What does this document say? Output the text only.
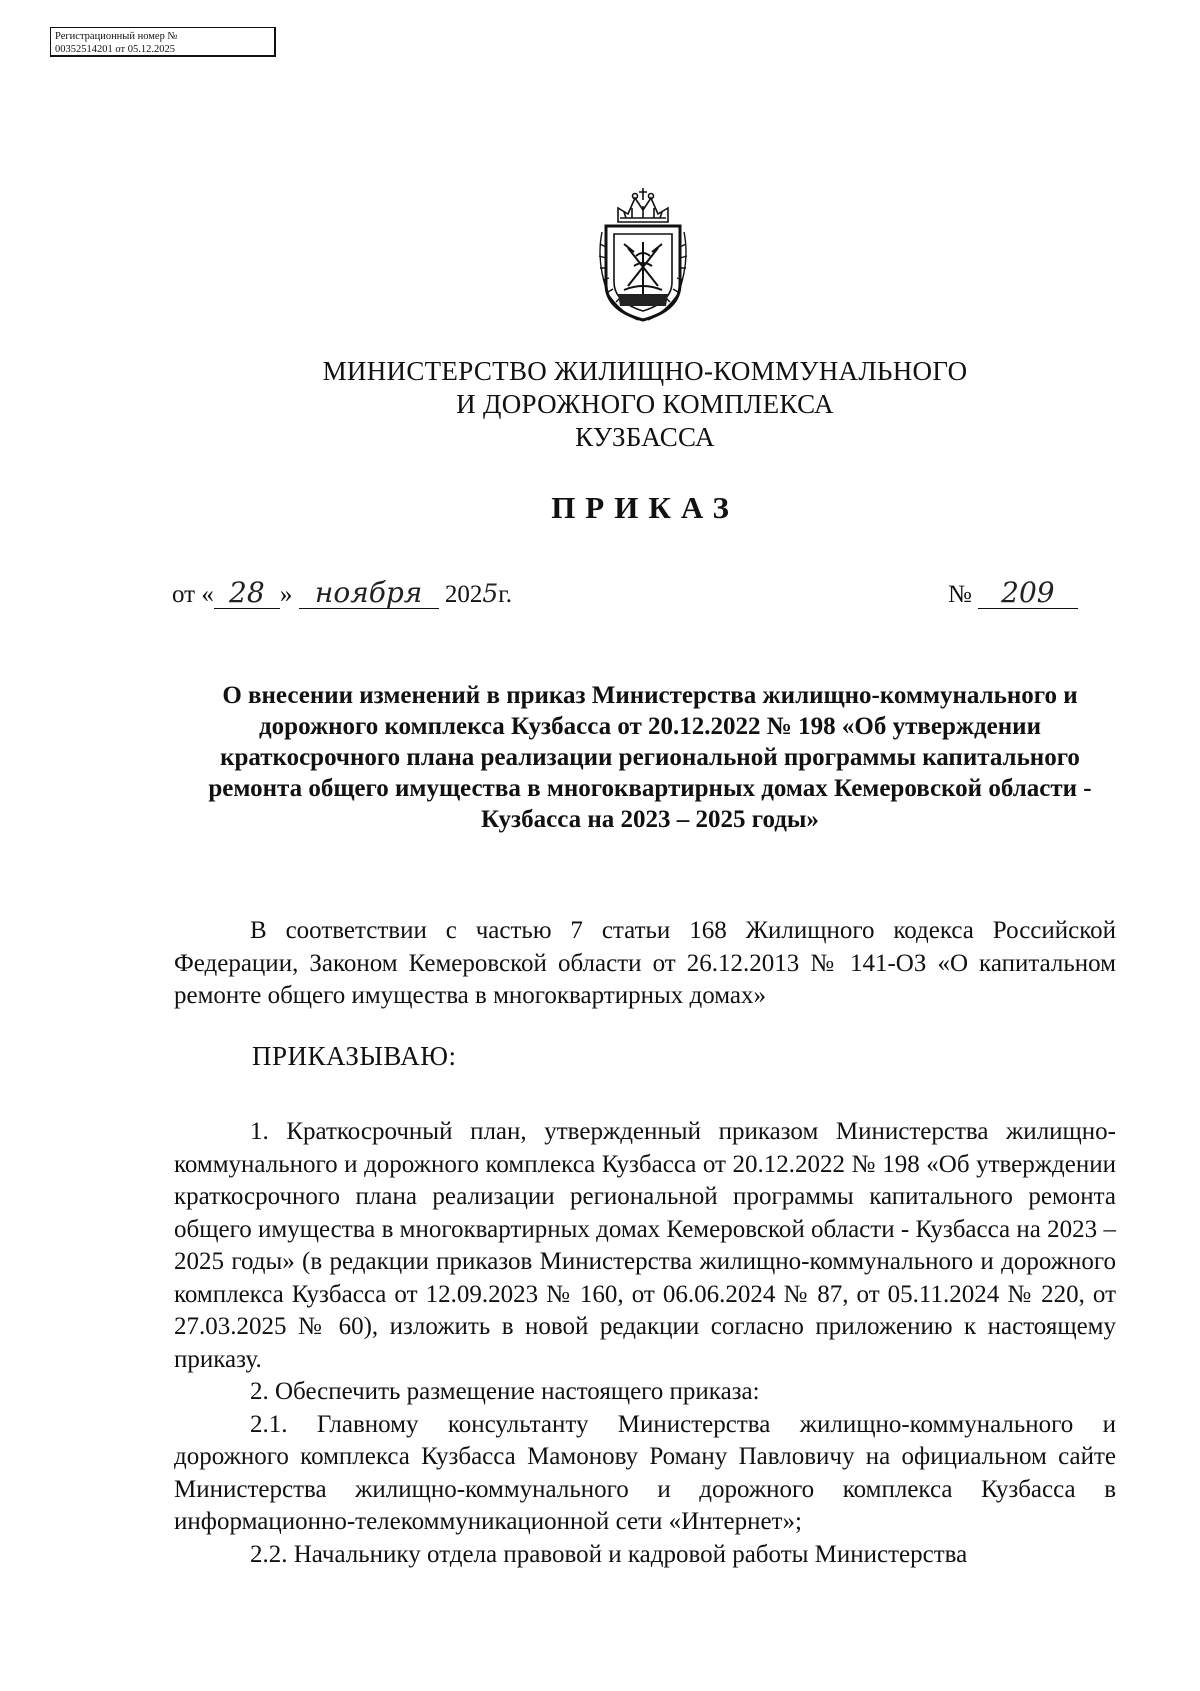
Регистрационный номер №
00352514201 от 05.12.2025
МИНИСТЕРСТВО ЖИЛИЩНО-КОММУНАЛЬНОГО
И ДОРОЖНОГО КОМПЛЕКСА
КУЗБАССА
ПРИКАЗ
от « 28 » ноября 2025г.	№ 209
О внесении изменений в приказ Министерства жилищно-коммунального и дорожного комплекса Кузбасса от 20.12.2022 № 198 «Об утверждении краткосрочного плана реализации региональной программы капитального ремонта общего имущества в многоквартирных домах Кемеровской области - Кузбасса на 2023 – 2025 годы»

В соответствии с частью 7 статьи 168 Жилищного кодекса Российской Федерации, Законом Кемеровской области от 26.12.2013 № 141-ОЗ «О капитальном ремонте общего имущества в многоквартирных домах»

ПРИКАЗЫВАЮ:

1. Краткосрочный план, утвержденный приказом Министерства жилищно-коммунального и дорожного комплекса Кузбасса от 20.12.2022 № 198 «Об утверждении краткосрочного плана реализации региональной программы капитального ремонта общего имущества в многоквартирных домах Кемеровской области - Кузбасса на 2023 – 2025 годы» (в редакции приказов Министерства жилищно-коммунального и дорожного комплекса Кузбасса от 12.09.2023 № 160, от 06.06.2024 № 87, от 05.11.2024 № 220, от 27.03.2025 № 60), изложить в новой редакции согласно приложению к настоящему приказу.

2. Обеспечить размещение настоящего приказа:

2.1. Главному консультанту Министерства жилищно-коммунального и дорожного комплекса Кузбасса Мамонову Роману Павловичу на официальном сайте Министерства жилищно-коммунального и дорожного комплекса Кузбасса в информационно-телекоммуникационной сети «Интернет»;

2.2. Начальнику отдела правовой и кадровой работы Министерства
